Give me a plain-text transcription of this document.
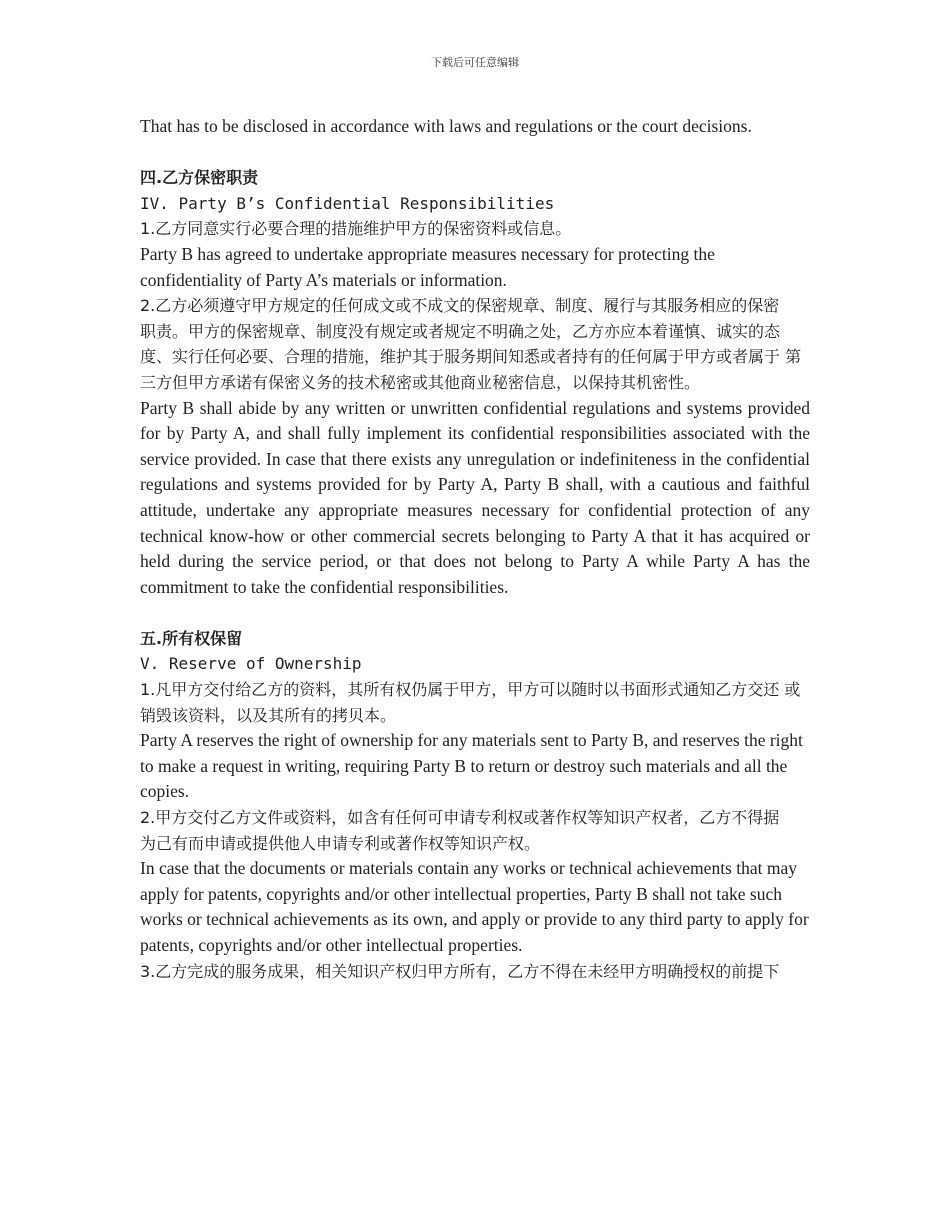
下载后可任意编辑

That has to be disclosed in accordance with laws and regulations or the court decisions.

四.乙方保密职责

IV. Party B’s Confidential Responsibilities

1.乙方同意实行必要合理的措施维护甲方的保密资料或信息。

Party B has agreed to undertake appropriate measures necessary for protecting the confidentiality of Party A’s materials or information.

2.乙方必须遵守甲方规定的任何成文或不成文的保密规章、制度、履行与其服务相应的保密

职责。甲方的保密规章、制度没有规定或者规定不明确之处，乙方亦应本着谨慎、诚实的态 度、实行任何必要、合理的措施，维护其于服务期间知悉或者持有的任何属于甲方或者属于 第三方但甲方承诺有保密义务的技术秘密或其他商业秘密信息，以保持其机密性。

Party B shall abide by any written or unwritten confidential regulations and systems provided for by Party A, and shall fully implement its confidential responsibilities associated with the service provided. In case that there exists any unregulation or indefiniteness in the confidential regulations and systems provided for by Party A, Party B shall, with a cautious and faithful attitude, undertake any appropriate measures necessary for confidential protection of any technical know-how or other commercial secrets belonging to Party A that it has acquired or held during the service period, or that does not belong to Party A while Party A has the commitment to take the confidential responsibilities.

五.所有权保留

V. Reserve of Ownership

1.凡甲方交付给乙方的资料，其所有权仍属于甲方，甲方可以随时以书面形式通知乙方交还 或销毁该资料，以及其所有的拷贝本。

Party A reserves the right of ownership for any materials sent to Party B, and reserves the right to make a request in writing, requiring Party B to return or destroy such materials and all the copies.

2.甲方交付乙方文件或资料，如含有任何可申请专利权或著作权等知识产权者，乙方不得据

为己有而申请或提供他人申请专利或著作权等知识产权。

In case that the documents or materials contain any works or technical achievements that may apply for patents, copyrights and/or other intellectual properties, Party B shall not take such works or technical achievements as its own, and apply or provide to any third party to apply for patents, copyrights and/or other intellectual properties.

3.乙方完成的服务成果，相关知识产权归甲方所有，乙方不得在未经甲方明确授权的前提下
